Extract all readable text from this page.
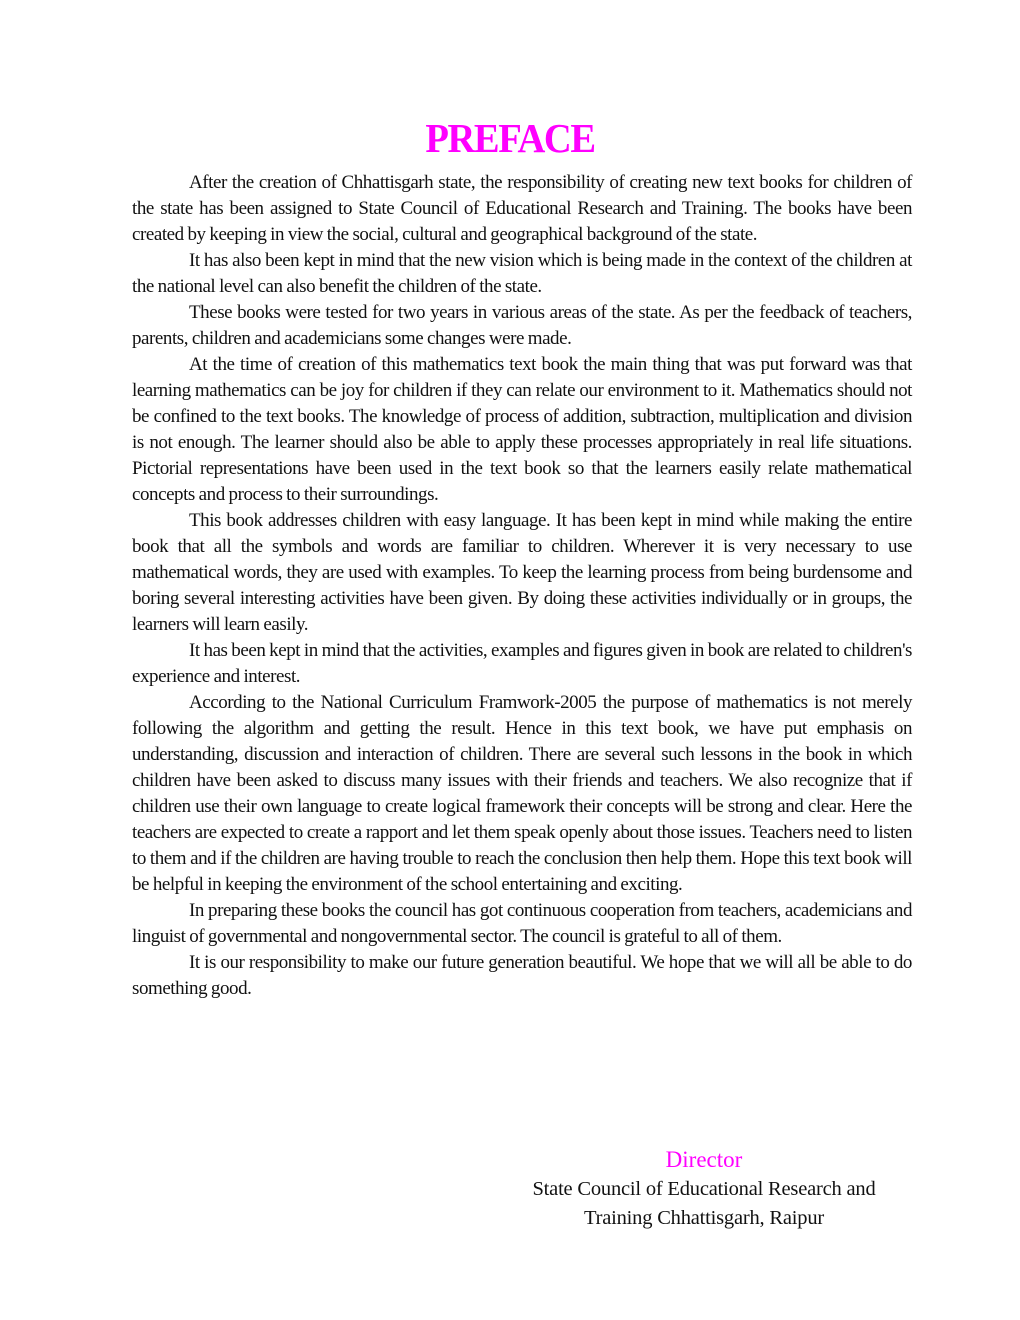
PREFACE

After the creation of Chhattisgarh state, the responsibility of creating new text books for children of the state has been assigned to State Council of Educational Research and Training. The books have been created by keeping in view the social, cultural and geographical background of the state.

It has also been kept in mind that the new vision which is being made in the context of the children at the national level can also benefit the children of the state.

These books were tested for two years in various areas of the state. As per the feedback of teachers, parents, children and academicians some changes were made.

At the time of creation of this mathematics text book the main thing that was put forward was that learning mathematics can be joy for children if they can relate our environment to it. Mathematics should not be confined to the text books. The knowledge of process of addition, subtraction, multiplication and division is not enough. The learner should also be able to apply these processes appropriately in real life situations. Pictorial representations have been used in the text book so that the learners easily relate mathematical concepts and process to their surroundings.

This book addresses children with easy language. It has been kept in mind while making the entire book that all the symbols and words are familiar to children. Wherever it is very necessary to use mathematical words, they are used with examples. To keep the learning process from being burdensome and boring several interesting activities have been given. By doing these activities individually or in groups, the learners will learn easily.

It has been kept in mind that the activities, examples and figures given in book are related to children's experience and interest.

According to the National Curriculum Framwork-2005 the purpose of mathematics is not merely following the algorithm and getting the result. Hence in this text book, we have put emphasis on understanding, discussion and interaction of children. There are several such lessons in the book in which children have been asked to discuss many issues with their friends and teachers. We also recognize that if children use their own language to create logical framework their concepts will be strong and clear. Here the teachers are expected to create a rapport and let them speak openly about those issues. Teachers need to listen to them and if the children are having trouble to reach the conclusion then help them. Hope this text book will be helpful in keeping the environment of the school entertaining and exciting.

In preparing these books the council has got continuous cooperation from teachers, academicians and linguist of governmental and nongovernmental sector. The council is grateful to all of them.

It is our responsibility to make our future generation beautiful. We hope that we will all be able to do something good.

Director
State Council of Educational Research and
Training Chhattisgarh, Raipur
